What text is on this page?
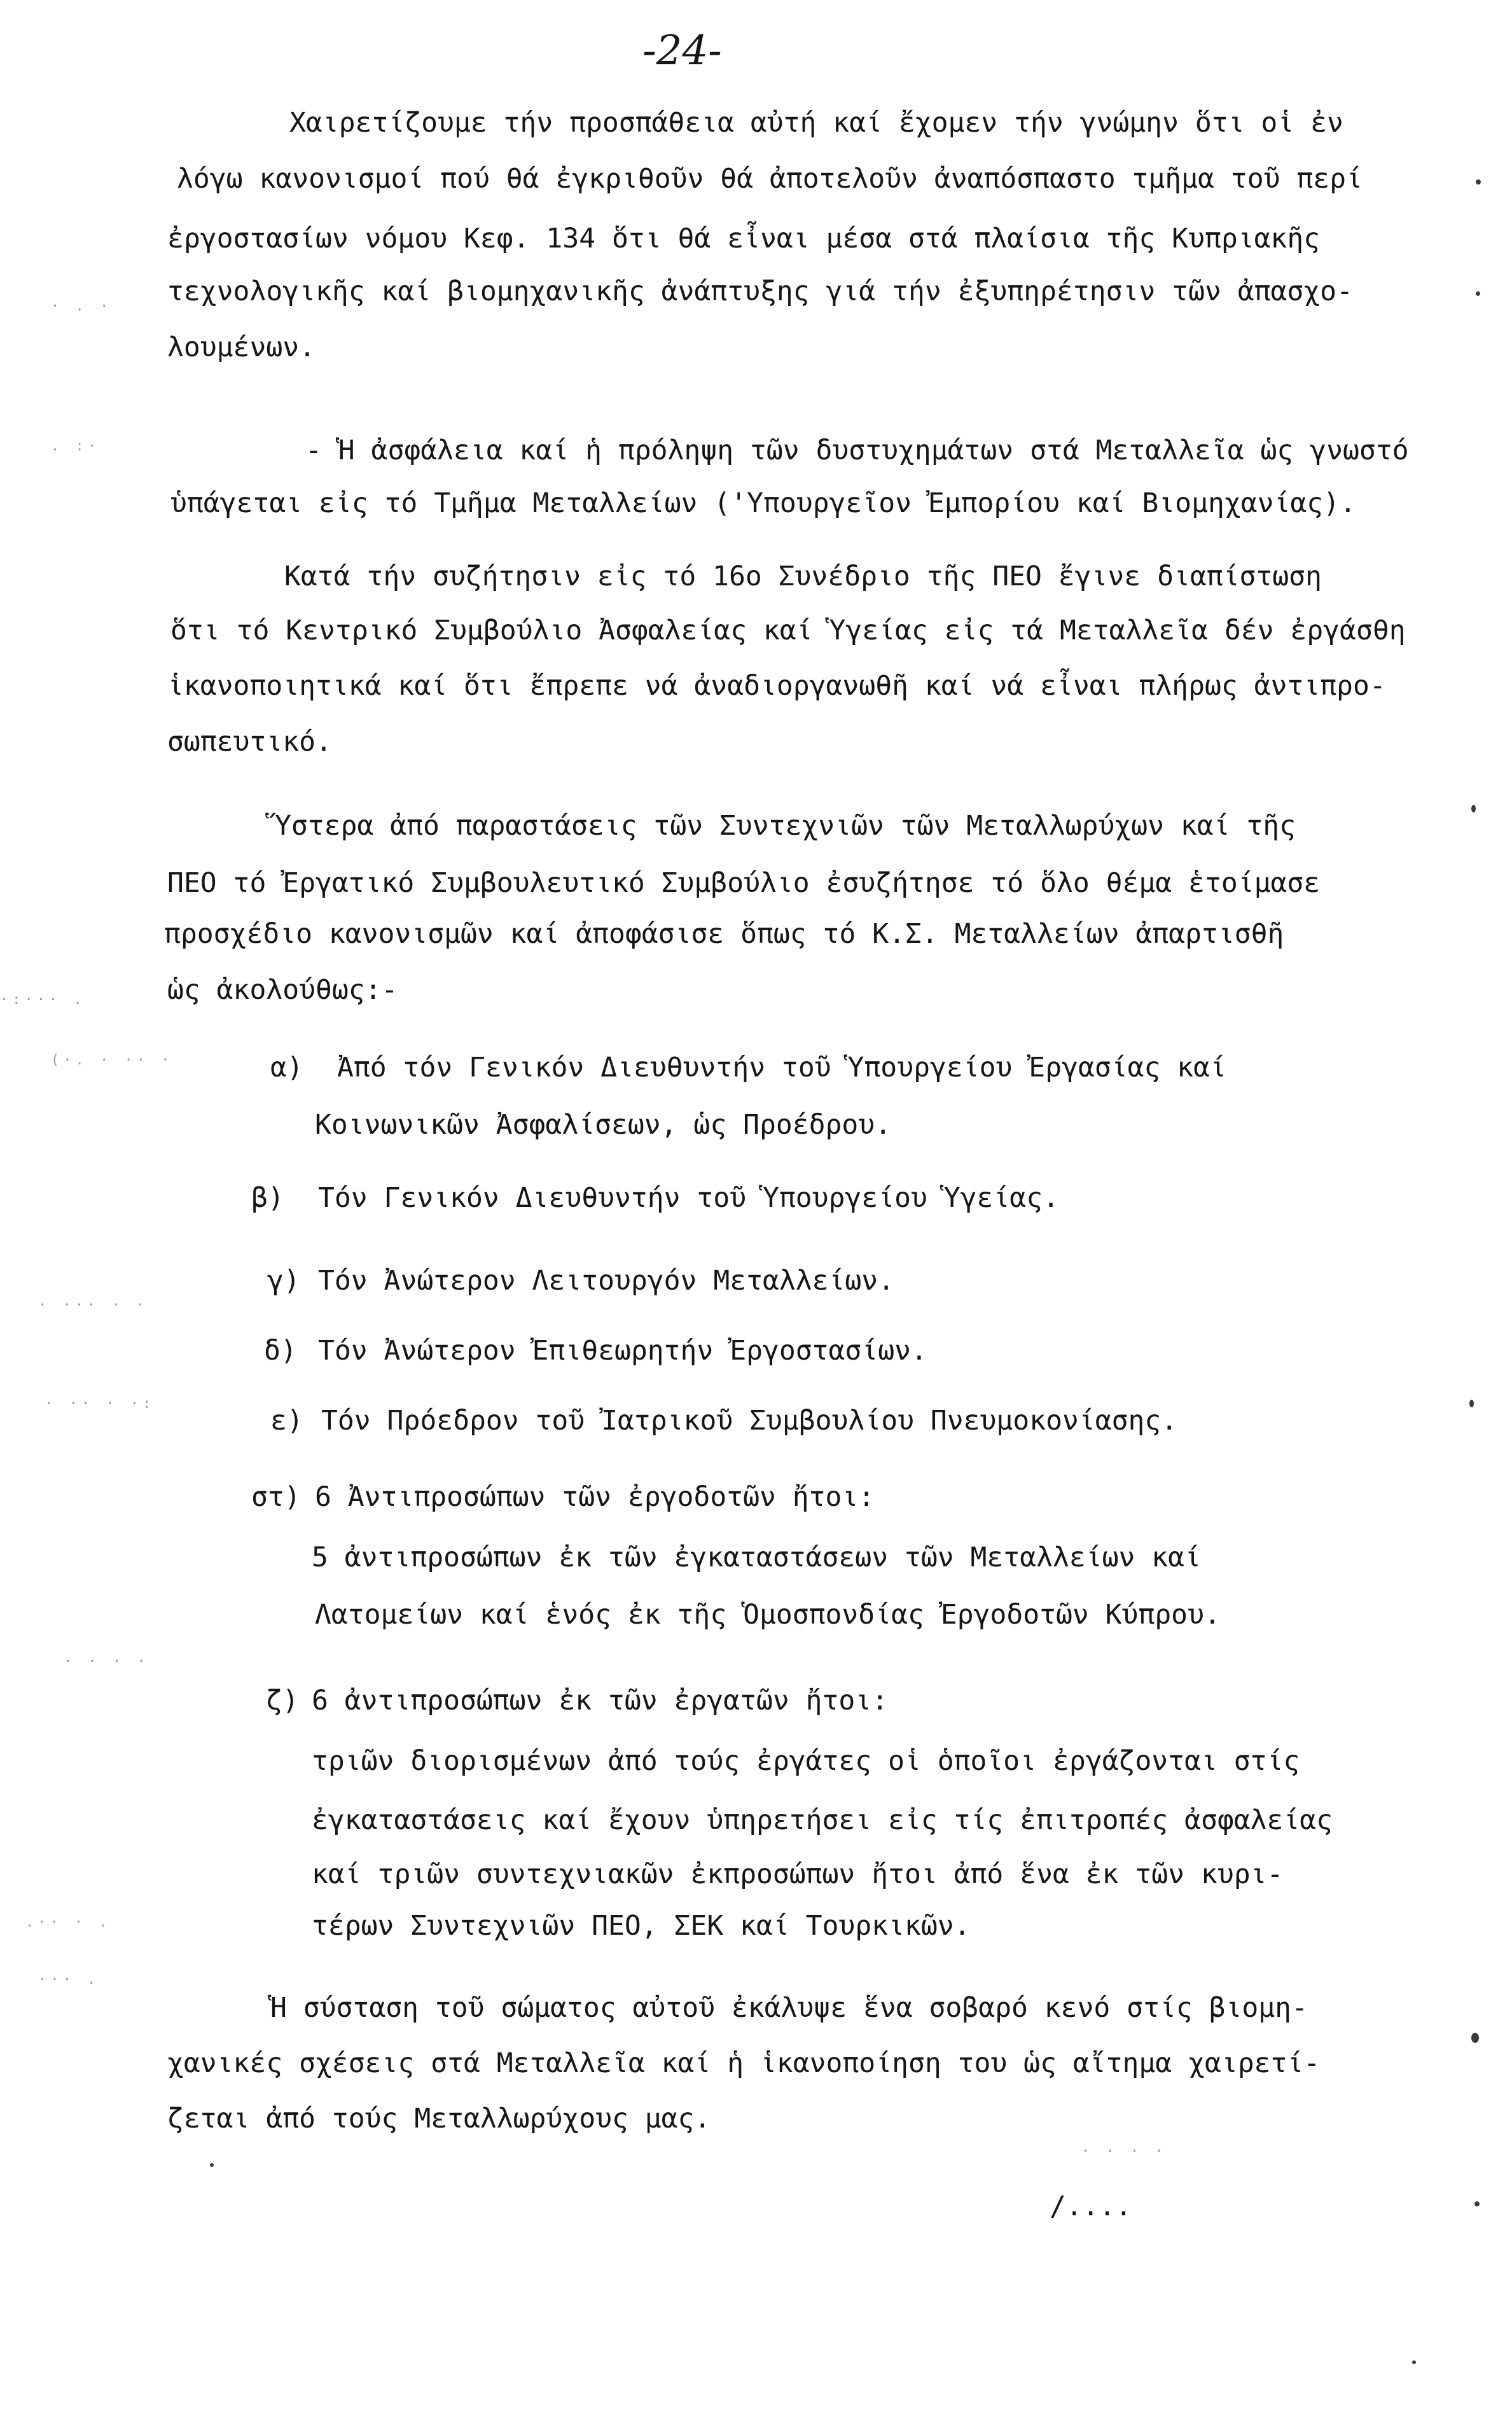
-24-
Χαιρετίζουμε τήν προσπάθεια αὐτή καί ἔχομεν τήν γνώμην ὅτι οἱ ἐν
λόγω κανονισμοί πού θά ἐγκριθοῦν θά ἀποτελοῦν ἀναπόσπαστο τμῆμα τοῦ περί
ἐργοστασίων νόμου Κεφ. 134 ὅτι θά εἶναι μέσα στά πλαίσια τῆς Κυπριακῆς
τεχνολογικῆς καί βιομηχανικῆς ἀνάπτυξης γιά τήν ἐξυπηρέτησιν τῶν ἀπασχο-
λουμένων.
- Ἡ ἀσφάλεια καί ἡ πρόληψη τῶν δυστυχημάτων στά Μεταλλεῖα ὡς γνωστό
ὑπάγεται εἰς τό Τμῆμα Μεταλλείων ('Υπουργεῖον Ἐμπορίου καί Βιομηχανίας).
Κατά τήν συζήτησιν εἰς τό 16ο Συνέδριο τῆς ΠΕΟ ἔγινε διαπίστωση
ὅτι τό Κεντρικό Συμβούλιο Ἀσφαλείας καί Ὑγείας εἰς τά Μεταλλεῖα δέν ἐργάσθη
ἱκανοποιητικά καί ὅτι ἔπρεπε νά ἀναδιοργανωθῆ καί νά εἶναι πλήρως ἀντιπρο-
σωπευτικό.
Ὕστερα ἀπό παραστάσεις τῶν Συντεχνιῶν τῶν Μεταλλωρύχων καί τῆς
ΠΕΟ τό Ἐργατικό Συμβουλευτικό Συμβούλιο ἐσυζήτησε τό ὅλο θέμα ἑτοίμασε
προσχέδιο κανονισμῶν καί ἀποφάσισε ὅπως τό Κ.Σ. Μεταλλείων ἀπαρτισθῆ
ὡς ἀκολούθως:-
α) Ἀπό τόν Γενικόν Διευθυντήν τοῦ Ὑπουργείου Ἐργασίας καί
Κοινωνικῶν Ἀσφαλίσεων, ὡς Προέδρου.
β) Τόν Γενικόν Διευθυντήν τοῦ Ὑπουργείου Ὑγείας.
γ) Τόν Ἀνώτερον Λειτουργόν Μεταλλείων.
δ) Τόν Ἀνώτερον Ἐπιθεωρητήν Ἐργοστασίων.
ε) Τόν Πρόεδρον τοῦ Ἰατρικοῦ Συμβουλίου Πνευμοκονίασης.
στ) 6 Ἀντιπροσώπων τῶν ἐργοδοτῶν ἤτοι:
5 ἀντιπροσώπων ἐκ τῶν ἐγκαταστάσεων τῶν Μεταλλείων καί
Λατομείων καί ἑνός ἐκ τῆς Ὁμοσπονδίας Ἐργοδοτῶν Κύπρου.
ζ) 6 ἀντιπροσώπων ἐκ τῶν ἐργατῶν ἤτοι:
τριῶν διορισμένων ἀπό τούς ἐργάτες οἱ ὁποῖοι ἐργάζονται στίς
ἐγκαταστάσεις καί ἔχουν ὑπηρετήσει εἰς τίς ἐπιτροπές ἀσφαλείας
καί τριῶν συντεχνιακῶν ἐκπροσώπων ἤτοι ἀπό ἕνα ἐκ τῶν κυρι-
τέρων Συντεχνιῶν ΠΕΟ, ΣΕΚ καί Τουρκικῶν.
Ἡ σύσταση τοῦ σώματος αὐτοῦ ἐκάλυψε ἕνα σοβαρό κενό στίς βιομη-
χανικές σχέσεις στά Μεταλλεῖα καί ἡ ἱκανοποίηση του ὡς αἴτημα χαιρετί-
ζεται ἀπό τούς Μεταλλωρύχους μας.
/....
· . ·
. :·
·:··· .
(·. · ·· ·
· ··· · ·
· ·· · ·:
· · · ·
.·· · .
··· .
· · · ·
